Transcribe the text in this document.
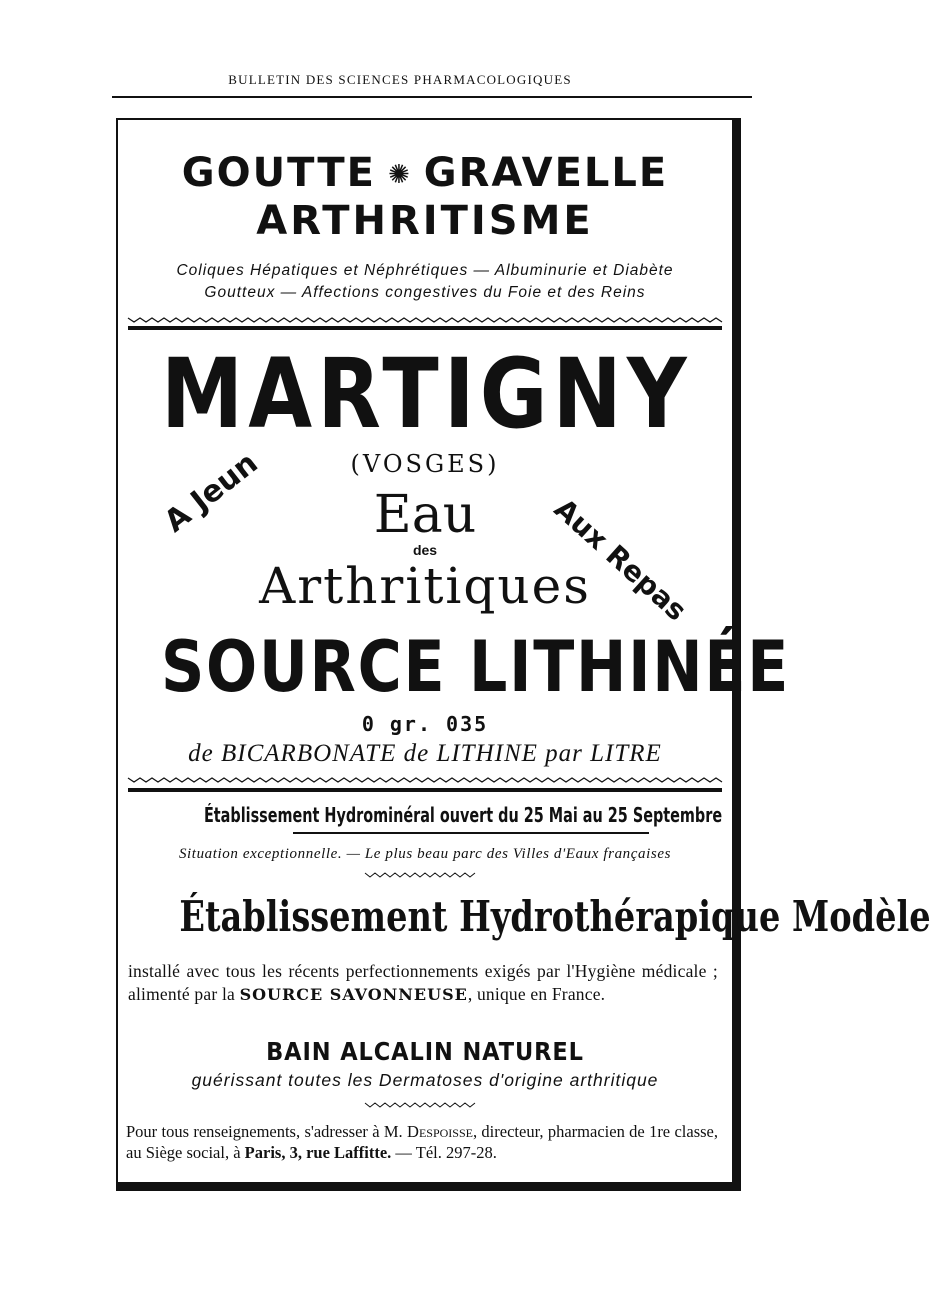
BULLETIN DES SCIENCES PHARMACOLOGIQUES
GOUTTE ✺ GRAVELLE
ARTHRITISME
Coliques Hépatiques et Néphrétiques — Albuminurie et Diabète
Goutteux — Affections congestives du Foie et des Reins
MARTIGNY
(VOSGES)
Eau
des
Arthritiques
A Jeun	Aux Repas
SOURCE LITHINÉE
0 gr. 035
de BICARBONATE de LITHINE par LITRE
Établissement Hydrominéral ouvert du 25 Mai au 25 Septembre
Situation exceptionnelle. — Le plus beau parc des Villes d'Eaux françaises
Établissement Hydrothérapique Modèle
installé avec tous les récents perfectionnements exigés par l'Hygiène médicale ; alimenté par la SOURCE SAVONNEUSE, unique en France.
BAIN ALCALIN NATUREL
guérissant toutes les Dermatoses d'origine arthritique
Pour tous renseignements, s'adresser à M. Despoisse, directeur, pharmacien de 1re classe, au Siège social, à Paris, 3, rue Laffitte. — Tél. 297-28.
